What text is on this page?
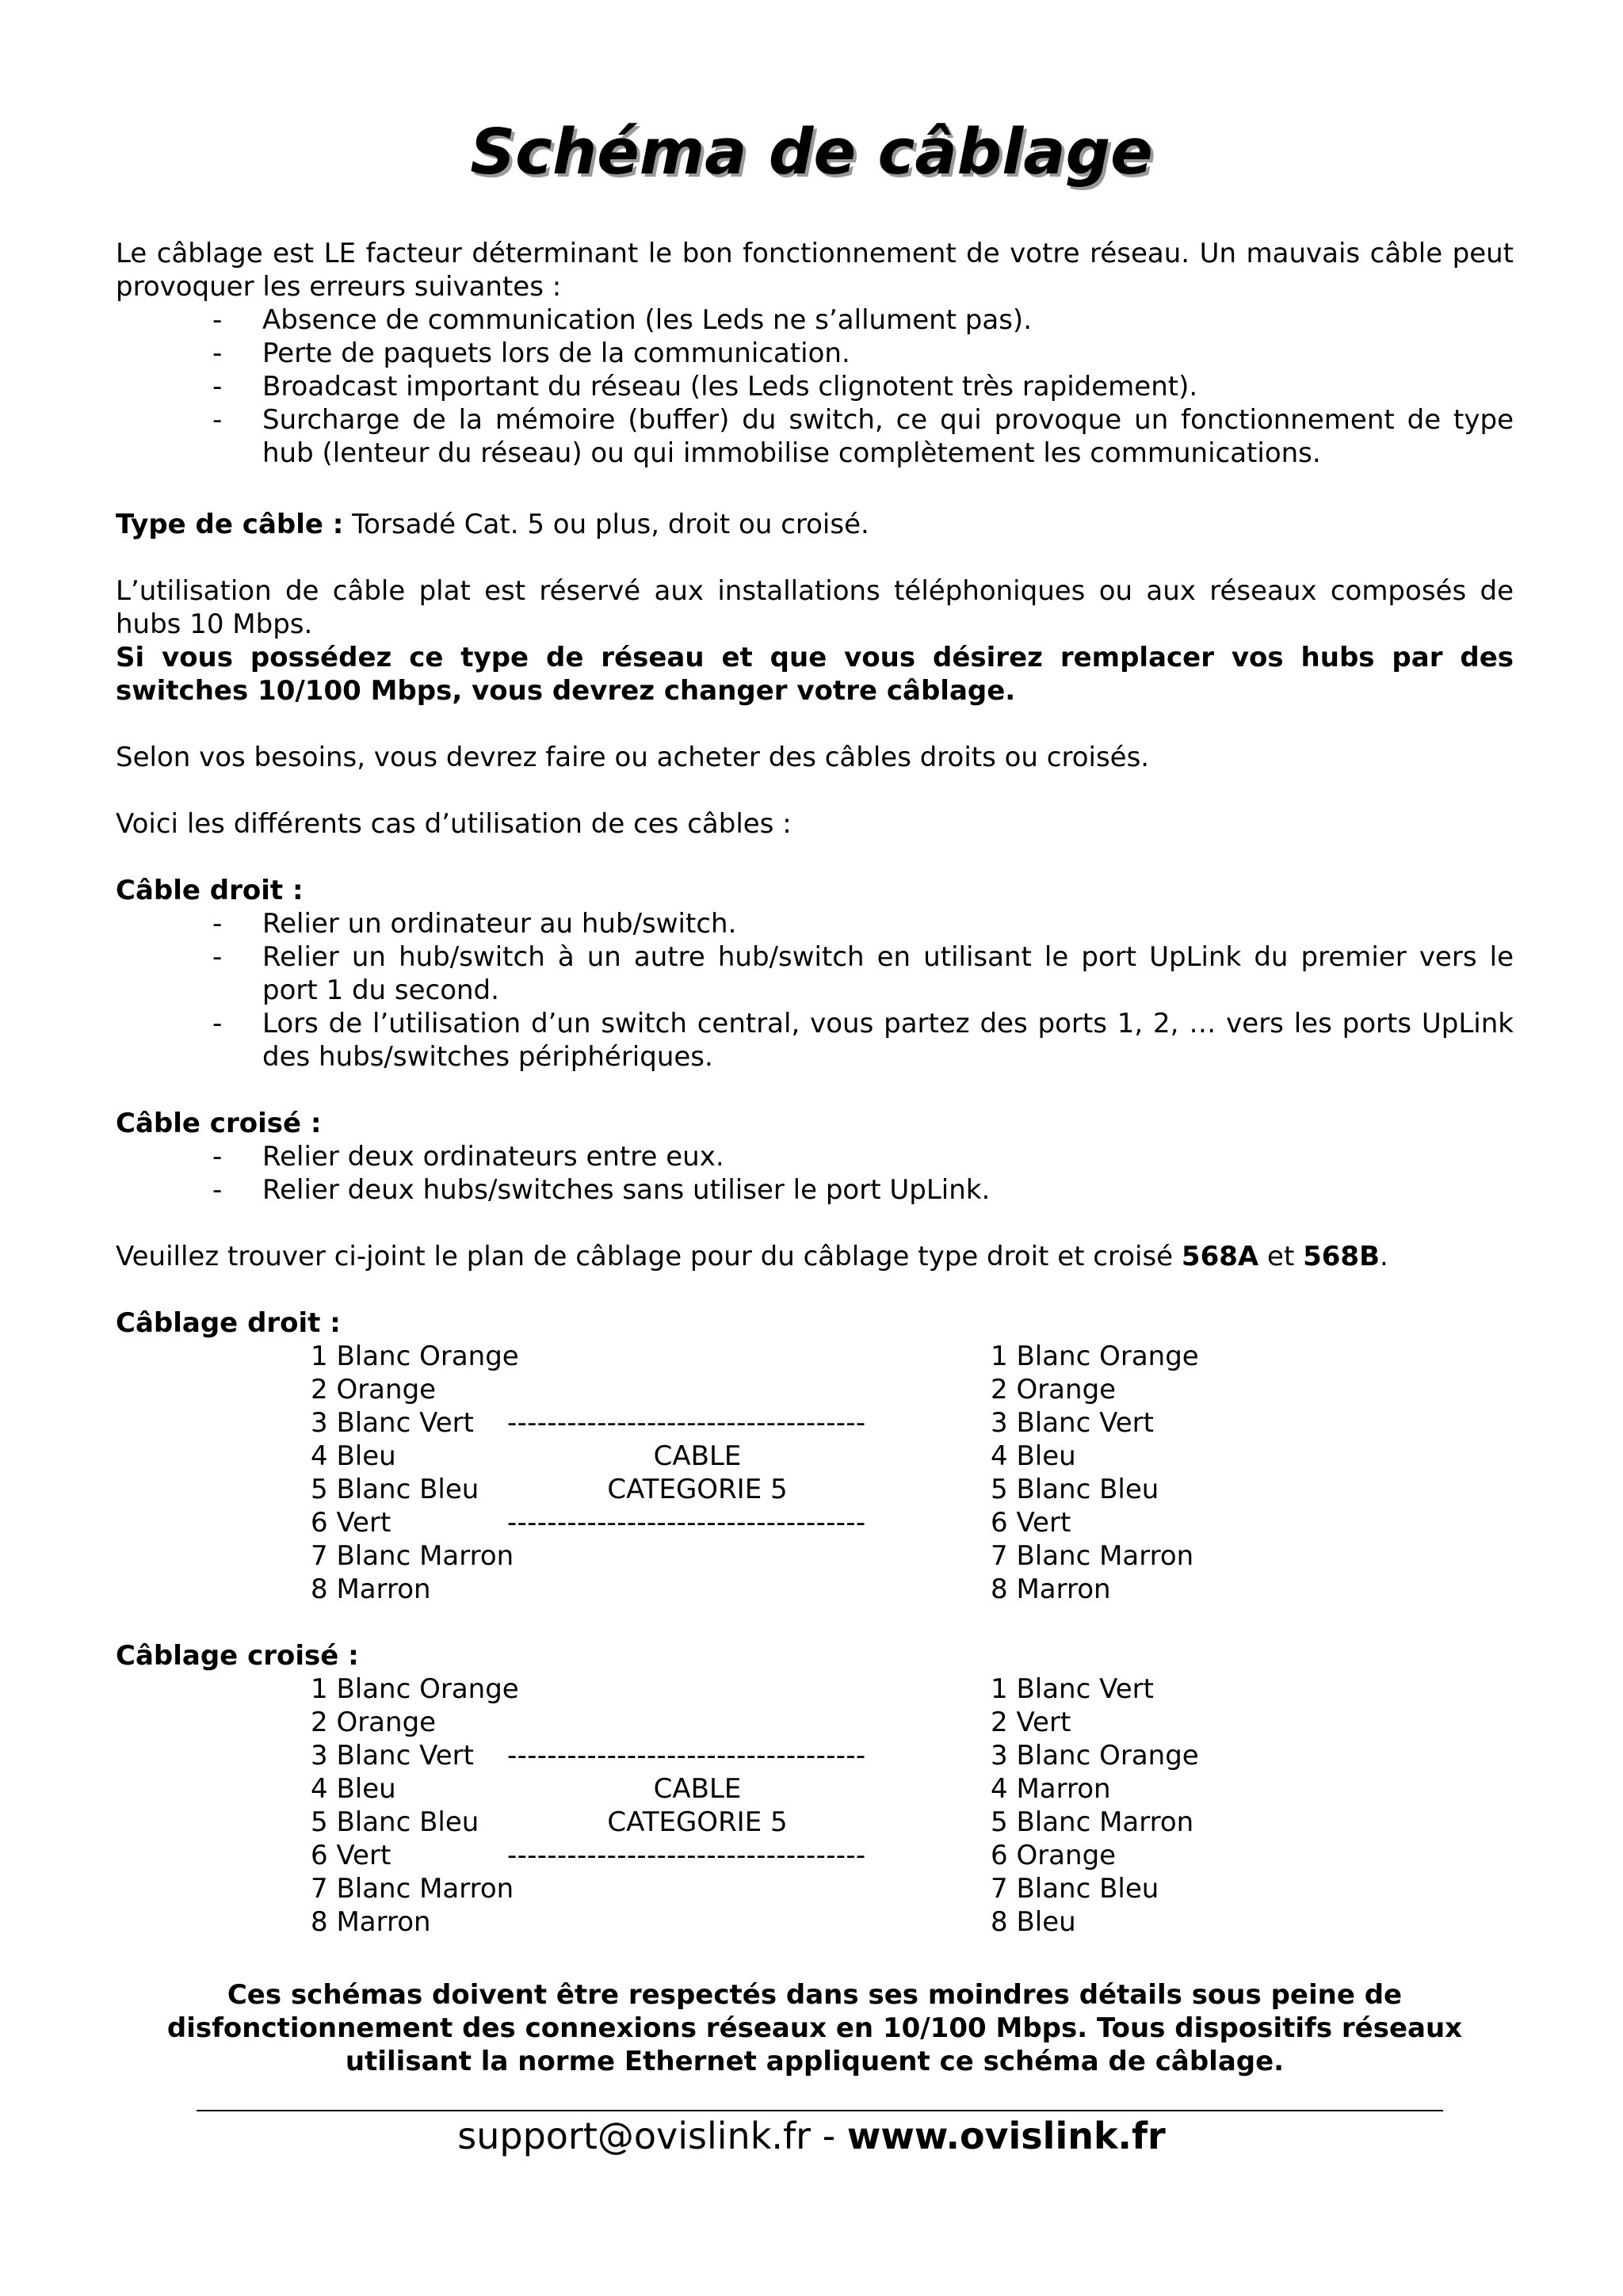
Schéma de câblage
Le câblage est LE facteur déterminant le bon fonctionnement de votre réseau. Un mauvais câble peut provoquer les erreurs suivantes :
- Absence de communication (les Leds ne s’allument pas).
- Perte de paquets lors de la communication.
- Broadcast important du réseau (les Leds clignotent très rapidement).
- Surcharge de la mémoire (buffer) du switch, ce qui provoque un fonctionnement de type hub (lenteur du réseau) ou qui immobilise complètement les communications.
Type de câble : Torsadé Cat. 5 ou plus, droit ou croisé.
L’utilisation de câble plat est réservé aux installations téléphoniques ou aux réseaux composés de hubs 10 Mbps.
Si vous possédez ce type de réseau et que vous désirez remplacer vos hubs par des switches 10/100 Mbps, vous devrez changer votre câblage.
Selon vos besoins, vous devrez faire ou acheter des câbles droits ou croisés.
Voici les différents cas d’utilisation de ces câbles :
Câble droit :
- Relier un ordinateur au hub/switch.
- Relier un hub/switch à un autre hub/switch en utilisant le port UpLink du premier vers le port 1 du second.
- Lors de l’utilisation d’un switch central, vous partez des ports 1, 2, … vers les ports UpLink des hubs/switches périphériques.
Câble croisé :
- Relier deux ordinateurs entre eux.
- Relier deux hubs/switches sans utiliser le port UpLink.
Veuillez trouver ci-joint le plan de câblage pour du câblage type droit et croisé 568A et 568B.
Câblage droit :
1 Blanc Orange
2 Orange
3 Blanc Vert
4 Bleu
5 Blanc Bleu
6 Vert
7 Blanc Marron
8 Marron
------------------------------------
CABLE
CATEGORIE 5
------------------------------------
1 Blanc Orange
2 Orange
3 Blanc Vert
4 Bleu
5 Blanc Bleu
6 Vert
7 Blanc Marron
8 Marron
Câblage croisé :
1 Blanc Orange
2 Orange
3 Blanc Vert
4 Bleu
5 Blanc Bleu
6 Vert
7 Blanc Marron
8 Marron
------------------------------------
CABLE
CATEGORIE 5
------------------------------------
1 Blanc Vert
2 Vert
3 Blanc Orange
4 Marron
5 Blanc Marron
6 Orange
7 Blanc Bleu
8 Bleu
Ces schémas doivent être respectés dans ses moindres détails sous peine de disfonctionnement des connexions réseaux en 10/100 Mbps. Tous dispositifs réseaux utilisant la norme Ethernet appliquent ce schéma de câblage.
support@ovislink.fr - www.ovislink.fr
